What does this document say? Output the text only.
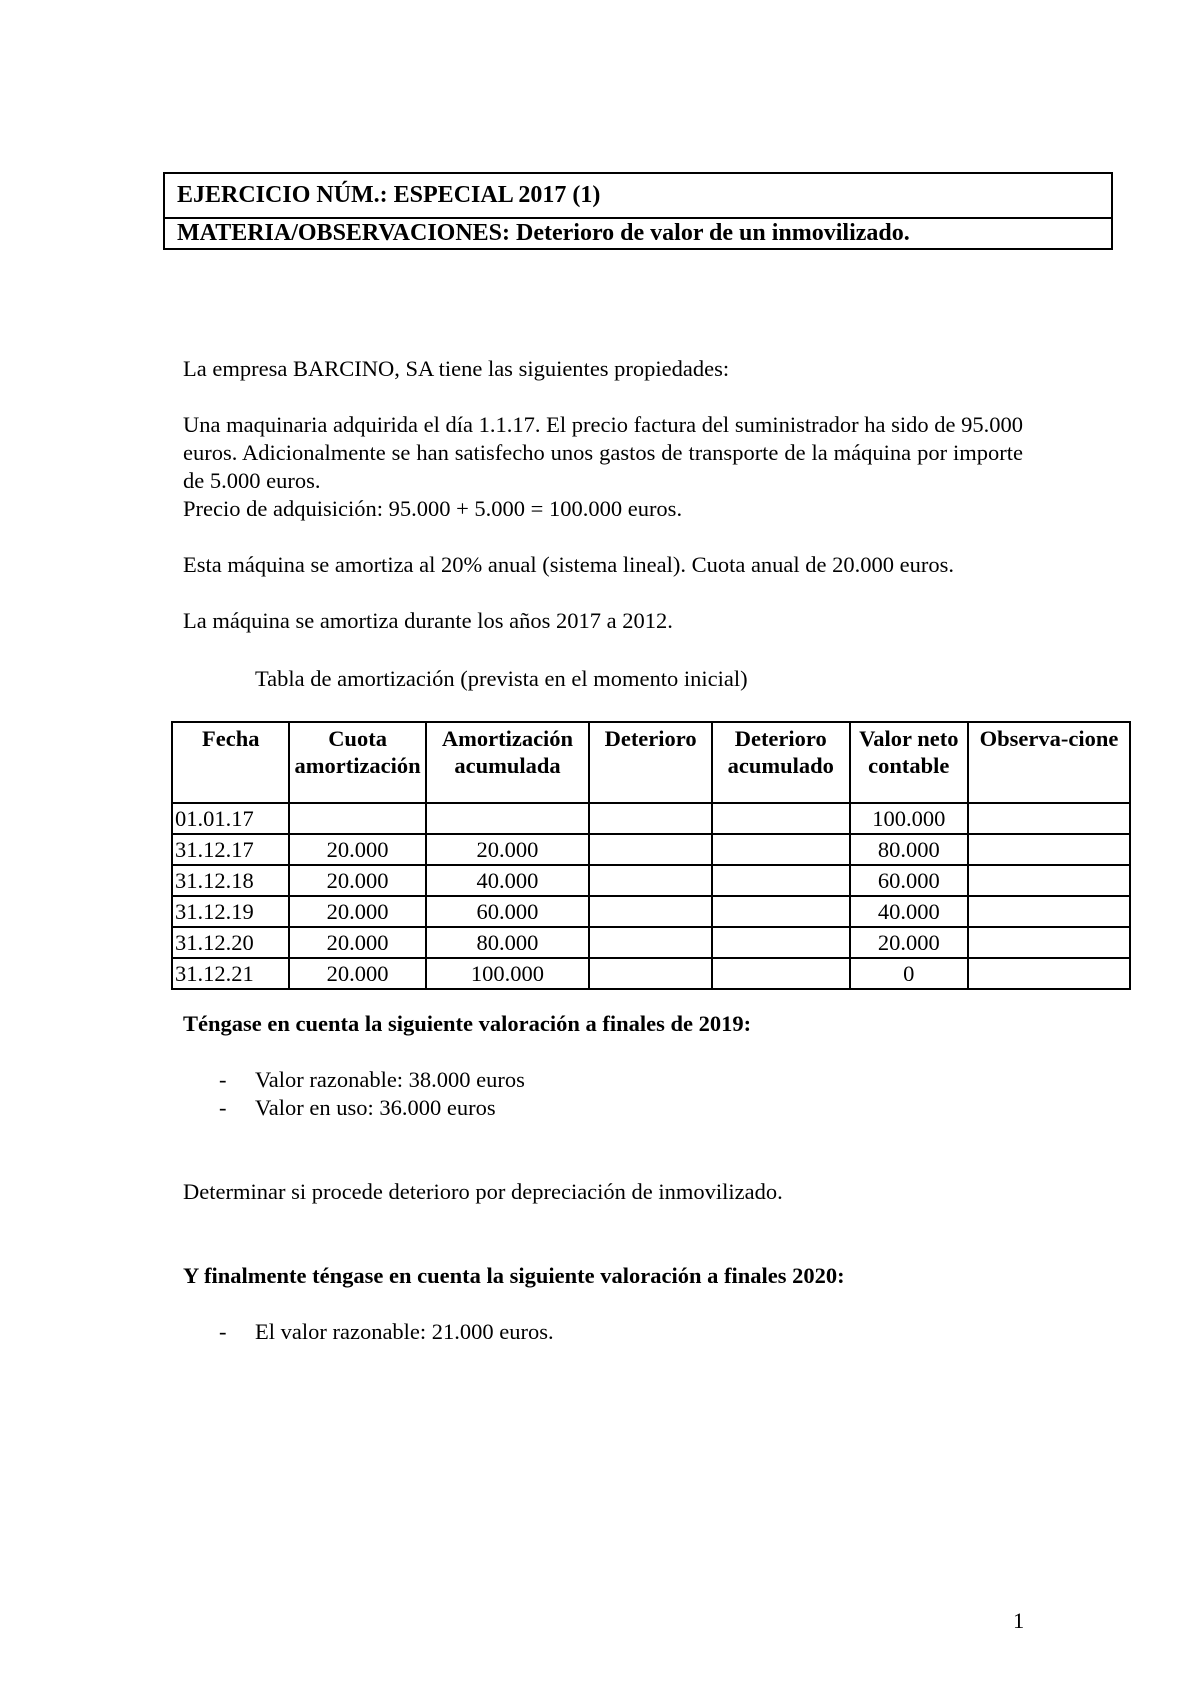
EJERCICIO NÚM.: ESPECIAL 2017 (1)
MATERIA/OBSERVACIONES: Deterioro de valor de un inmovilizado.

La empresa BARCINO, SA tiene las siguientes propiedades:

Una maquinaria adquirida el día 1.1.17. El precio factura del suministrador ha sido de 95.000 euros. Adicionalmente se han satisfecho unos gastos de transporte de la máquina por importe de 5.000 euros.

Precio de adquisición: 95.000 + 5.000 = 100.000 euros.

Esta máquina se amortiza al 20% anual (sistema lineal). Cuota anual de 20.000 euros.

La máquina se amortiza durante los años 2017 a 2012.

Tabla de amortización (prevista en el momento inicial)
Fecha	Cuota amortización	Amortización acumulada	Deterioro	Deterioro acumulado	Valor neto contable	Observa-cione
01.01.17					100.000	
31.12.17	20.000	20.000			80.000	
31.12.18	20.000	40.000			60.000	
31.12.19	20.000	60.000			40.000	
31.12.20	20.000	80.000			20.000	
31.12.21	20.000	100.000			0	

Téngase en cuenta la siguiente valoración a finales de 2019:

- Valor razonable: 38.000 euros
- Valor en uso: 36.000 euros

Determinar si procede deterioro por depreciación de inmovilizado.

Y finalmente téngase en cuenta la siguiente valoración a finales 2020:

- El valor razonable: 21.000 euros.
1
